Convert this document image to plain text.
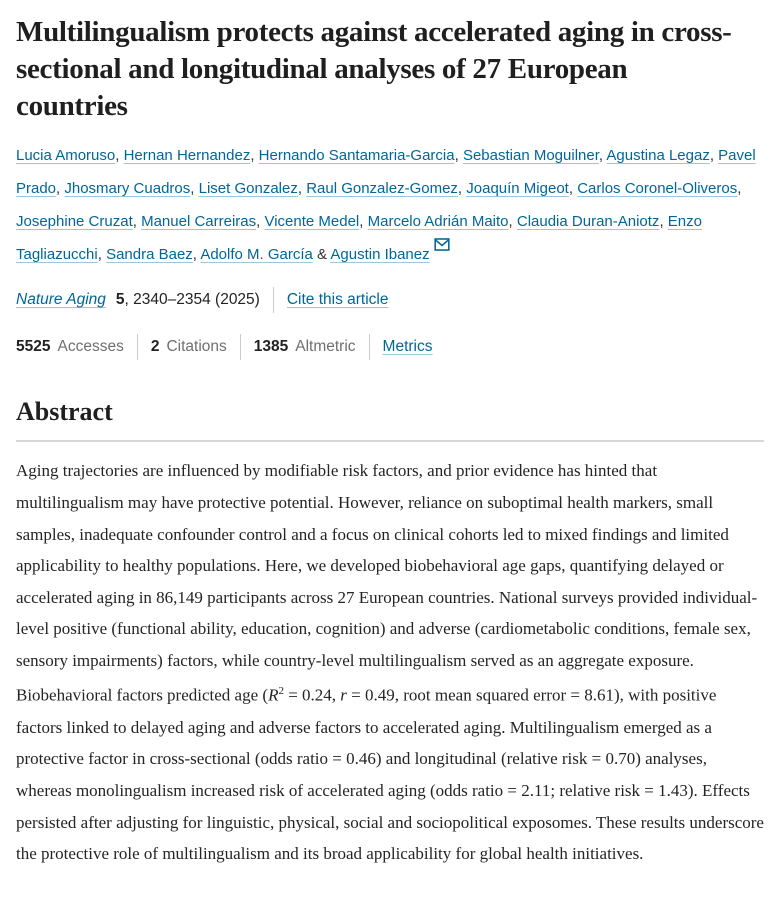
Multilingualism protects against accelerated aging in cross-sectional and longitudinal analyses of 27 European countries

Lucia Amoruso, Hernan Hernandez, Hernando Santamaria-Garcia, Sebastian Moguilner, Agustina Legaz, Pavel Prado, Jhosmary Cuadros, Liset Gonzalez, Raul Gonzalez-Gomez, Joaquín Migeot, Carlos Coronel-Oliveros, Josephine Cruzat, Manuel Carreiras, Vicente Medel, Marcelo Adrián Maito, Claudia Duran-Aniotz, Enzo Tagliazucchi, Sandra Baez, Adolfo M. García & Agustin Ibanez

Nature Aging 5 , 2340–2354 (2025) Cite this article
5525 Accesses 2 Citations 1385 Altmetric Metrics
Abstract

Aging trajectories are influenced by modifiable risk factors, and prior evidence has hinted that multilingualism may have protective potential. However, reliance on suboptimal health markers, small samples, inadequate confounder control and a focus on clinical cohorts led to mixed findings and limited applicability to healthy populations. Here, we developed biobehavioral age gaps, quantifying delayed or accelerated aging in 86,149 participants across 27 European countries. National surveys provided individual-level positive (functional ability, education, cognition) and adverse (cardiometabolic conditions, female sex, sensory impairments) factors, while country-level multilingualism served as an aggregate exposure. Biobehavioral factors predicted age ($R^2 = 0.24$, r = 0.49, root mean squared error = 8.61), with positive factors linked to delayed aging and adverse factors to accelerated aging. Multilingualism emerged as a protective factor in cross-sectional (odds ratio = 0.46) and longitudinal (relative risk = 0.70) analyses, whereas monolingualism increased risk of accelerated aging (odds ratio = 2.11; relative risk = 1.43). Effects persisted after adjusting for linguistic, physical, social and sociopolitical exposomes. These results underscore the protective role of multilingualism and its broad applicability for global health initiatives.
